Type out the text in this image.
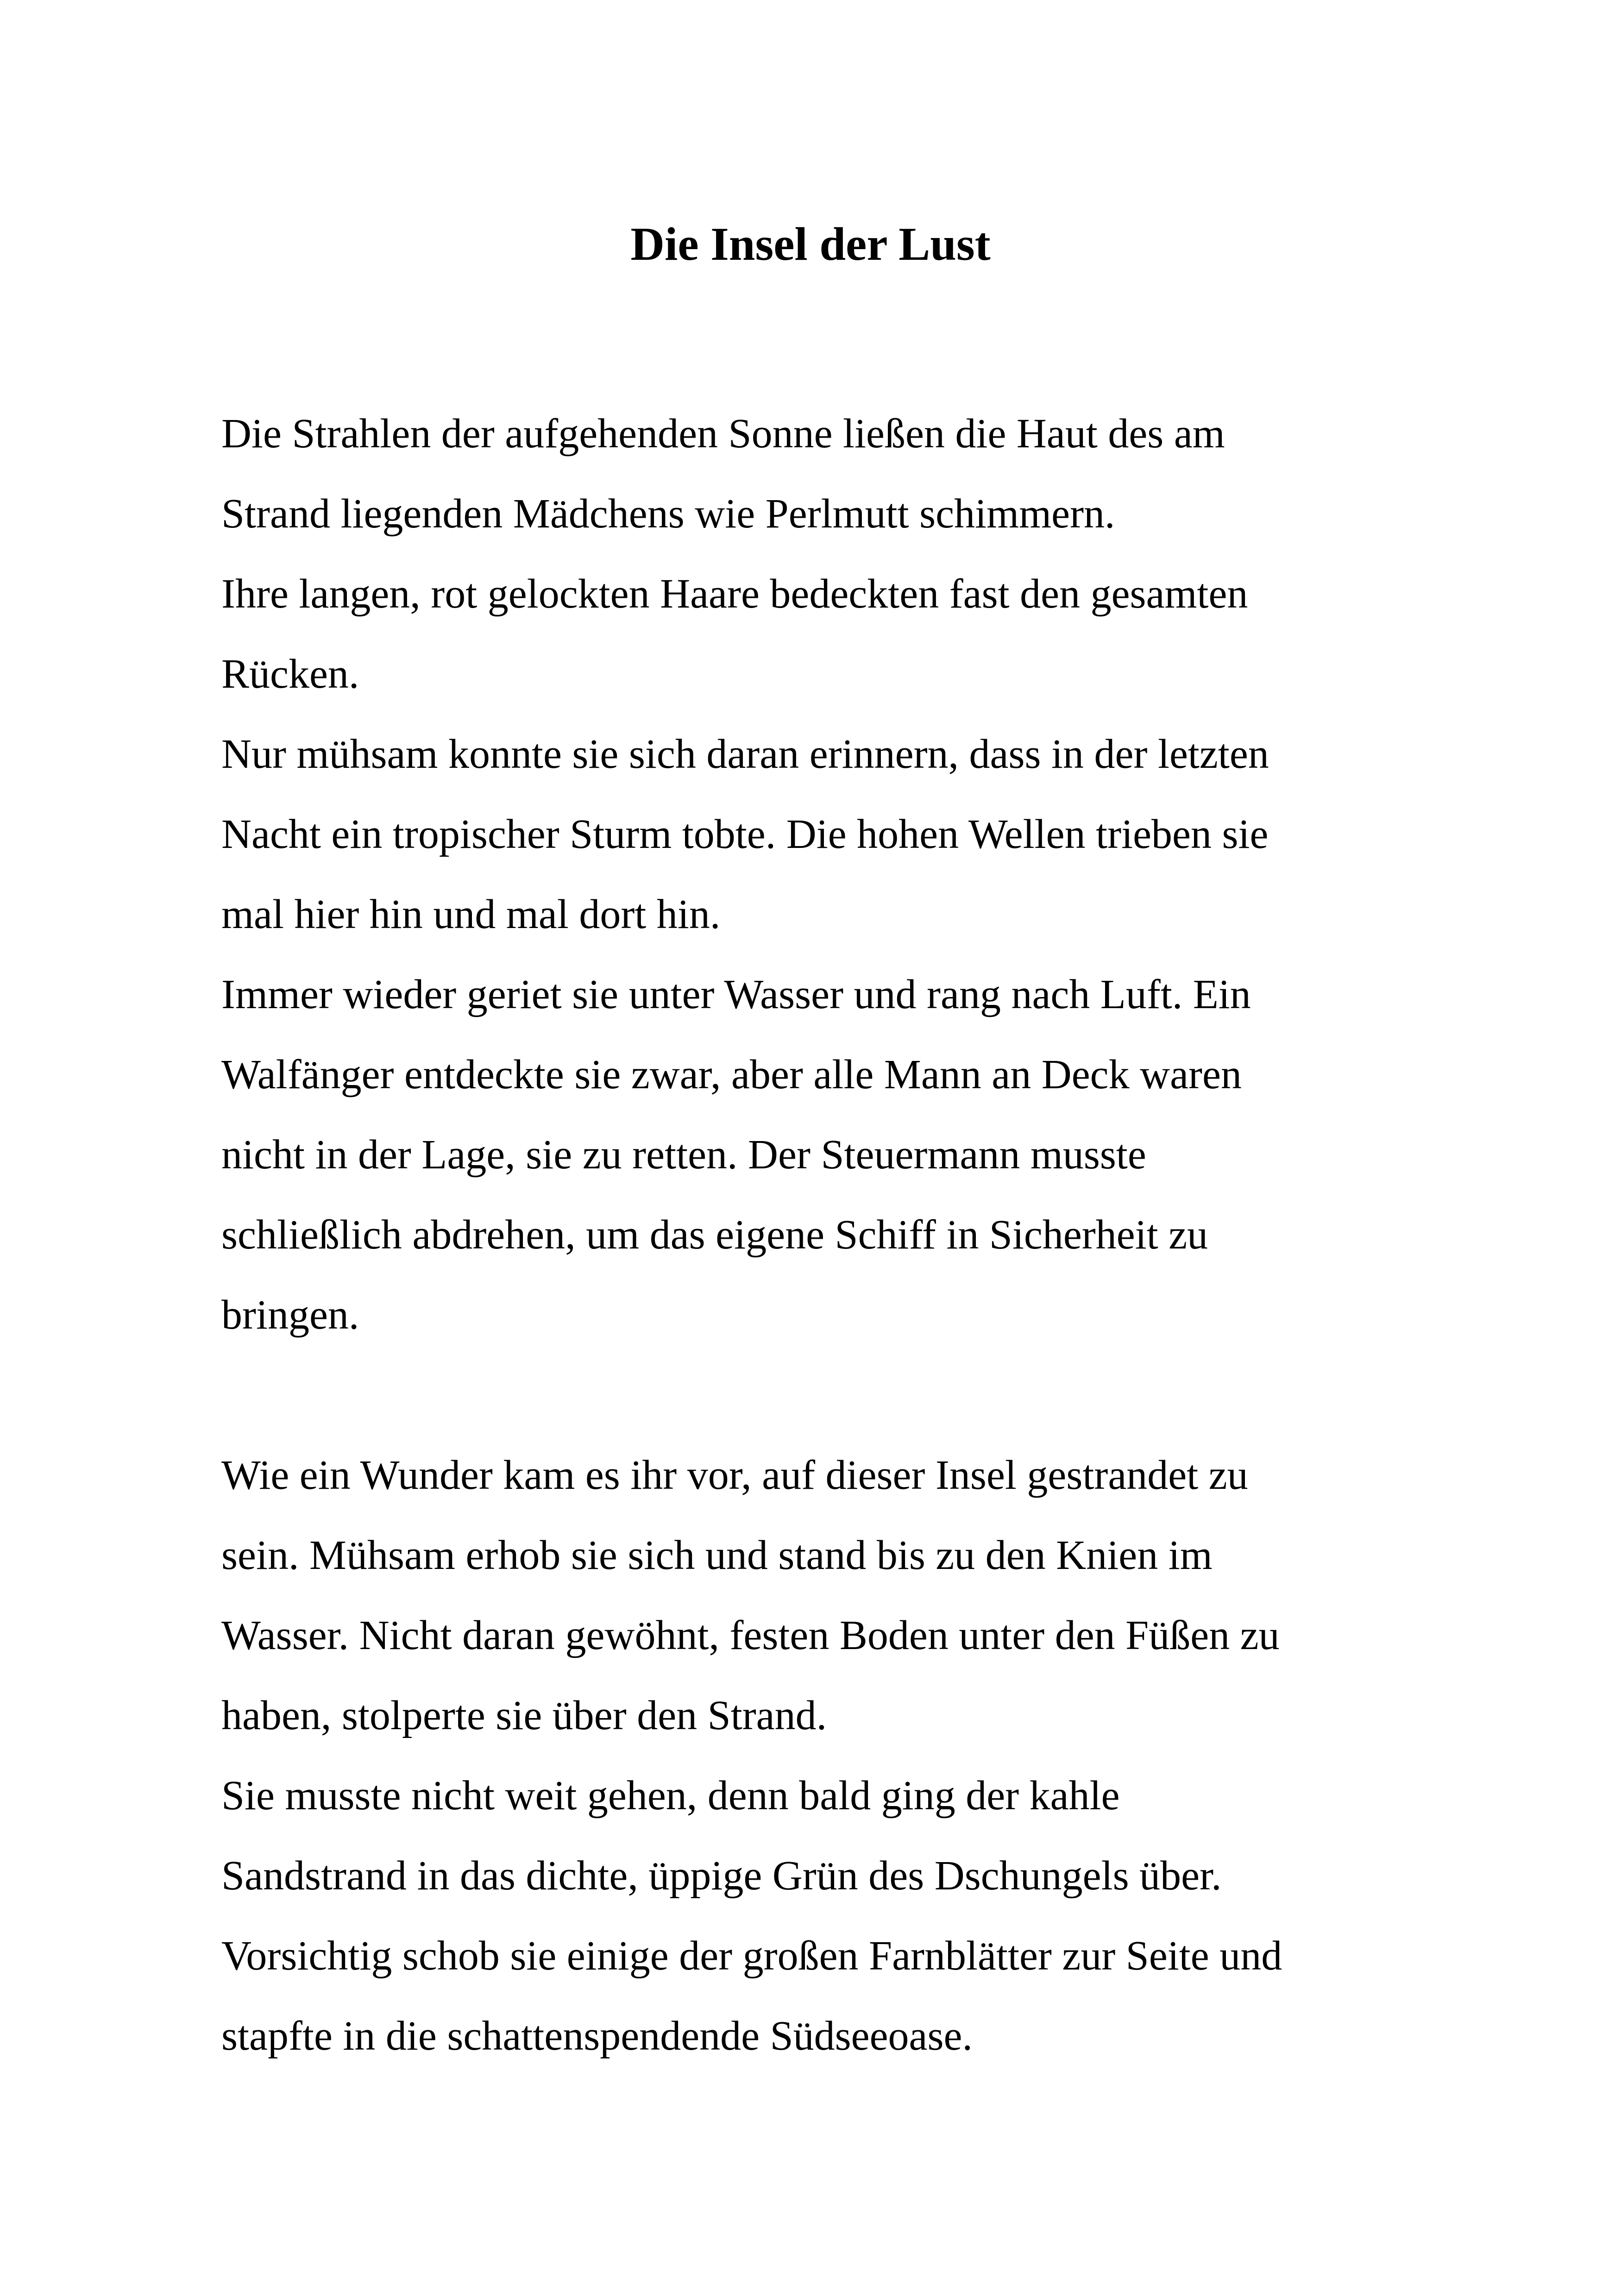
Die Insel der Lust
Die Strahlen der aufgehenden Sonne ließen die Haut des am
Strand liegenden Mädchens wie Perlmutt schimmern.
Ihre langen, rot gelockten Haare bedeckten fast den gesamten
Rücken.
Nur mühsam konnte sie sich daran erinnern, dass in der letzten
Nacht ein tropischer Sturm tobte. Die hohen Wellen trieben sie
mal hier hin und mal dort hin.
Immer wieder geriet sie unter Wasser und rang nach Luft. Ein
Walfänger entdeckte sie zwar, aber alle Mann an Deck waren
nicht in der Lage, sie zu retten. Der Steuermann musste
schließlich abdrehen, um das eigene Schiff in Sicherheit zu
bringen.
Wie ein Wunder kam es ihr vor, auf dieser Insel gestrandet zu
sein. Mühsam erhob sie sich und stand bis zu den Knien im
Wasser. Nicht daran gewöhnt, festen Boden unter den Füßen zu
haben, stolperte sie über den Strand.
Sie musste nicht weit gehen, denn bald ging der kahle
Sandstrand in das dichte, üppige Grün des Dschungels über.
Vorsichtig schob sie einige der großen Farnblätter zur Seite und
stapfte in die schattenspendende Südseeoase.
